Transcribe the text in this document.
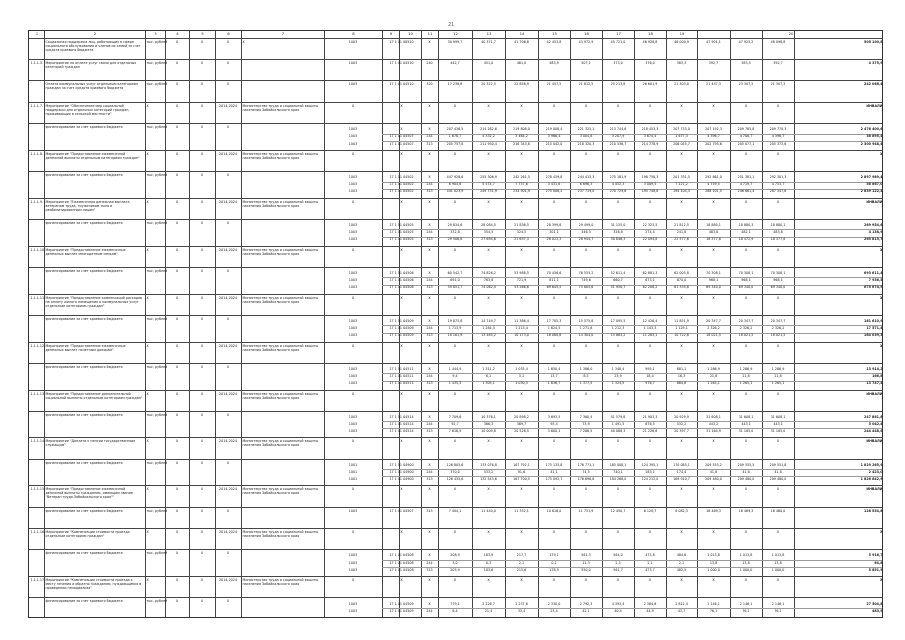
21
1	2	3	4	5	6	7	8	9	10	11	12	13	14	15	16	17	18	19	20
Социальная поддержка лиц, работающих в сфере социального обслуживания и членов их семей за счет средств краевого бюджета
тыс. рублей	X	X	X	X	1003	17 1 01 08510	X	30 999,7	40 371,7	41 706,8	42 453,8	43 972,9	45 721,0	46 928,8	46 000,9	47 901,1	47 925,2	48 098,8	505 100,8
1.1.1.5. Мероприятие по оплате услуг связи для отдельных категорий граждан
тыс. рублей	X	X	X	1003	17 1 01 04510	240	442,7	451,0	461,0	483,9	507,1	373,0	376,0	383,3	392,7	383,5	392,7	4 375,9
Оплата коммунальных услуг отдельным категориям граждан за счет средств краевого бюджета
тыс. рублей	X	X	X	1003	17 1 01 04510	320	17 238,8	20 322,5	22 856,9	21 457,5	21 812,5	25 213,8	26 601,9	21 303,0	21 437,3	23 307,5	21 307,3	242 068,4
1.1.1.7. Мероприятие "Обеспечение мер социальной поддержки для отдельных категорий граждан, проживающих в сельской местности"
X	X	X	2014-2024	Министерство труда и социальной защиты населения Забайкальского края
X	X	X	X	X	X	X	X	X	X	X	X	X	X	ИНВАЛИ
финансирование за счет краевого бюджета	тыс. рублей	X	X	X
1003	X	X	207 436,5	214 282,6	219 808,0	219 008,4	221 325,1	213 744,6	218 453,3	207 733,0	207 192,3	209 785,8	209 770,3	2 476 400,6
1003	17 1 01 04507	244	1 678,7	4 332,2	3 464,2	3 966,4	3 004,8	3 207,9	3 674,4	1 677,3	4 396,7	4 708,7	4 396,7	38 895,4
1003	17 1 01 04507	313	205 757,8	211 950,4	216 343,8	215 042,0	218 320,3	210 536,7	214 778,9	206 055,7	202 795,6	205 077,1	205 373,6	2 300 948,4
1.1.1.8. Мероприятие "Предоставление ежемесячной денежной выплаты отдельным категориям граждан"
X	X	X	2014-2024	Министерство труда и социальной защиты населения Забайкальского края
X	X	X	X	X	X	X	X	X	X	X	X	X	X	X
финансирование за счет краевого бюджета	тыс. рублей	X	X	X
1003	17 1 01 04502	X	447 928,6	255 306,9	242 261,5	278 439,8	244 415,3	275 181,9	198 758,3	201 331,5	292 861,0	251 381,1	292 301,3	2 897 989,4
1003	17 1 01 04502	244	6 904,6	5 574,7	7 757,6	3 431,6	6 696,3	4 452,3	3 009,5	7 227,2	4 759,5	4 719,7	4 753,7	58 867,0
1003	17 1 01 04502	313	441 023,9	249 731,9	234 501,9	275 008,2	237 719,0	270 729,6	195 748,8	194 104,3	288 101,5	246 661,4	287 547,6	2 839 122,4
1.1.1.9. Мероприятие "Ежемесячная денежная выплата ветеранам труда, труженикам тыла и реабилитированным лицам"
X	X	X	2014-2024	Министерство труда и социальной защиты населения Забайкальского края
X	X	X	X	X	X	X	X	X	X	X	X	X	X	ИНВАЛИ
финансирование за счет краевого бюджета	тыс. рублей	X	X	X
1003	17 1 01 04505	X	29 834,6	28 084,5	21 836,5	28 399,8	29 499,0	31 155,0	22 323,5	21 812,5	18 880,1	18 880,3	18 880,1	269 954,6
1003	17 1 01 04505	244	332,8	354,5	324,5	301,1	346,3	326,8	274,4	241,8	483,8	482,1	483,8	4 138,9
1003	17 1 01 04505	313	29 506,8	27 694,6	21 637,3	28 022,3	28 944,7	30 846,3	22 094,8	22 577,6	18 377,8	18 472,9	18 377,8	265 815,7
1.1.1.10. Мероприятие "Предоставление ежемесячных денежных выплат многодетным семьям"
X	X	X	2014-2024	Министерство труда и социальной защиты населения Забайкальского края
X	X	X	X	X	X	X	X	X	X	X	X	X	X	X
финансирование за счет краевого бюджета	тыс. рублей	X	X	X
1003	17 1 01 04506	X	60 542,7	74 826,2	53 988,5	70 456,6	76 555,2	52 611,4	62 881,3	62 005,8	70 308,1	70 308,1	70 308,1	693 611,4
1003	17 1 01 04506	244	691,0	763,8	721,9	811,1	749,6	660,7	673,1	670,0	968,1	968,1	968,1	7 936,5
1003	17 1 01 04506	313	59 851,7	74 062,4	53 266,6	69 645,5	75 805,6	51 950,7	62 208,2	61 335,8	69 340,0	69 340,0	69 340,0	675 674,9
1.1.1.11. Мероприятие "Предоставление компенсаций расходов на оплату жилого помещения и коммунальных услуг отдельным категориям граждан"
X	X	X	2014-2024	Министерство труда и социальной защиты населения Забайкальского края
X	X	X	X	X	X	X	X	X	X	X	X	X	X	X
финансирование за счет краевого бюджета	тыс. рублей	X	X	X
1003	17 1 01 04509	X	19 875,8	14 749,7	11 386,4	17 705,3	15 575,8	17 095,5	12 426,4	11 851,9	20 347,7	20 347,7	20 347,7	181 610,9
1003	17 1 01 04509	244	1 713,9	1 284,5	1 213,4	1 624,5	1 271,8	1 212,3	1 143,3	1 129,1	2 326,2	2 326,2	2 326,2	17 571,4
1003	17 1 01 04509	313	18 161,9	13 465,2	10 173,0	16 080,8	14 304,0	15 883,2	11 283,1	10 722,8	18 021,5	18 021,5	18 021,5	164 039,5
1.1.1.12. Мероприятие "Предоставление ежемесячных денежных выплат почетным донорам"
X	X	X	2014-2024	Министерство труда и социальной защиты населения Забайкальского края
X	X	X	X	X	X	X	X	X	X	X	X	X	X	X
финансирование за счет краевого бюджета	тыс. рублей	X	X	X
1003	17 1 01 04511	X	1 444,9	1 311,2	1 035,4	1 650,4	1 386,0	1 348,4	995,1	881,1	1 286,9	1 286,9	1 286,9	13 914,2
1003	17 1 01 04511	244	9,4	6,1	5,1	13,7	8,5	23,9	18,4	16,3	21,8	21,8	21,8	166,8
1003	17 1 01 04511	313	1 435,5	1 305,1	1 030,3	1 636,7	1 377,5	1 324,5	976,7	864,8	1 265,1	1 265,1	1 265,1	13 747,4
1.1.1.13. Мероприятие "Предоставление дополнительной социальной выплаты отдельным категориям граждан"
X	X	X	2014-2024	Министерство труда и социальной защиты населения Забайкальского края
X	X	X	X	X	X	X	X	X	X	X	X	X	X	ИНВАЛИ
финансирование за счет краевого бюджета	тыс. рублей	X	X	X
1003	17 1 01 04514	X	7 709,6	10 376,1	20 898,2	3 693,5	7 360,4	41 579,8	21 903,3	20 929,9	31 608,1	31 608,1	31 608,1	247 881,8
1003	17 1 01 04514	244	92,7	366,3	369,7	93,4	73,9	1 491,5	676,5	532,2	443,2	443,1	443,1	5 042,4
1003	17 1 01 04514	313	7 616,9	10 009,8	20 528,5	3 600,1	7 286,5	40 088,3	21 226,8	20 397,7	31 164,9	31 165,0	31 165,0	244 448,6
1.1.1.14. Мероприятие "Доплата к пенсии государственным служащим"
X	X	X	2014-2024	Министерство труда и социальной защиты населения Забайкальского края
X	X	X	X	X	X	X	X	X	X	X	X	X	X	ИНВАЛИ
финансирование за счет краевого бюджета	тыс. рублей	X	X	X
1001	17 1 01 04900	X	126 805,6	133 076,8	167 792,1	175 133,8	176 771,1	185 008,1	124 395,1	170 085,1	209 555,2	209 555,5	209 551,8	1 829 265,9
1001	17 1 01 04900	244	370,0	533,2	91,6	41,1	74,5	740,1	183,1	174,4	41,8	41,8	41,8	2 423,0
1001	17 1 01 04900	313	126 435,6	132 543,6	167 700,5	175 092,7	176 696,6	184 268,0	124 212,0	169 910,7	209 480,0	209 480,0	209 480,0	1 826 842,9
1.1.1.15. Мероприятие "Предоставление ежемесячной денежной выплаты гражданам, имеющим звание "Ветеран труда Забайкальского края""
X	X	X	2014-2024	Министерство труда и социальной защиты населения Забайкальского края
X	X	X	X	X	X	X	X	X	X	X	X	X	X	ИНВАЛИ
финансирование за счет краевого бюджета	тыс. рублей	X	X	X	1003	17 1 01 04507	313	7 404,1	11 440,0	11 332,1	10 616,0	11 751,9	12 450,7	6 120,7	8 082,3	16 469,3	16 469,3	16 460,0	128 554,8
1.1.1.16. Мероприятие "Компенсация стоимости проезда отдельным категориям граждан"
X	X	X	2014-2024	Министерство труда и социальной защиты населения Забайкальского края
X	X	X	X	X	X	X	X	X	X	X	X	X	X	X
финансирование за счет краевого бюджета	тыс. рублей	X	X	X
1003	17 1 01 04508	X	208,9	183,9	217,7	179,1	561,3	564,0	475,8	484,6	1 013,8	1 013,8	1 013,8	5 916,7
1003	17 1 01 04508	244	3,0	0,3	2,1	0,2	11,3	2,3	2,1	2,1	13,8	13,8	13,8	64,8
1003	17 1 01 04508	313	205,9	183,6	215,6	178,9	550,0	561,7	473,7	482,5	1 000,0	1 000,0	1 000,0	5 851,9
1.1.1.17. Мероприятие "Компенсация стоимости проезда к месту лечения и обратно гражданам, нуждающимся в проведении гемодиализа"
X	X	X	2014-2024	Министерство труда и социальной защиты населения Забайкальского края
X	X	X	X	X	X	X	X	X	X	X	X	X	X	X
финансирование за счет краевого бюджета	тыс. рублей	X	X	X
1003	17 1 01 04509	X	779,1	2 226,7	2 237,8	2 330,0	2 792,3	4 393,4	2 584,8	2 822,4	2 146,1	2 146,1	2 146,1	27 504,8
1003	17 1 01 04509	244	6,4	21,4	33,4	23,4	42,1	40,4	44,9	43,7	76,1	76,1	76,1	483,9
